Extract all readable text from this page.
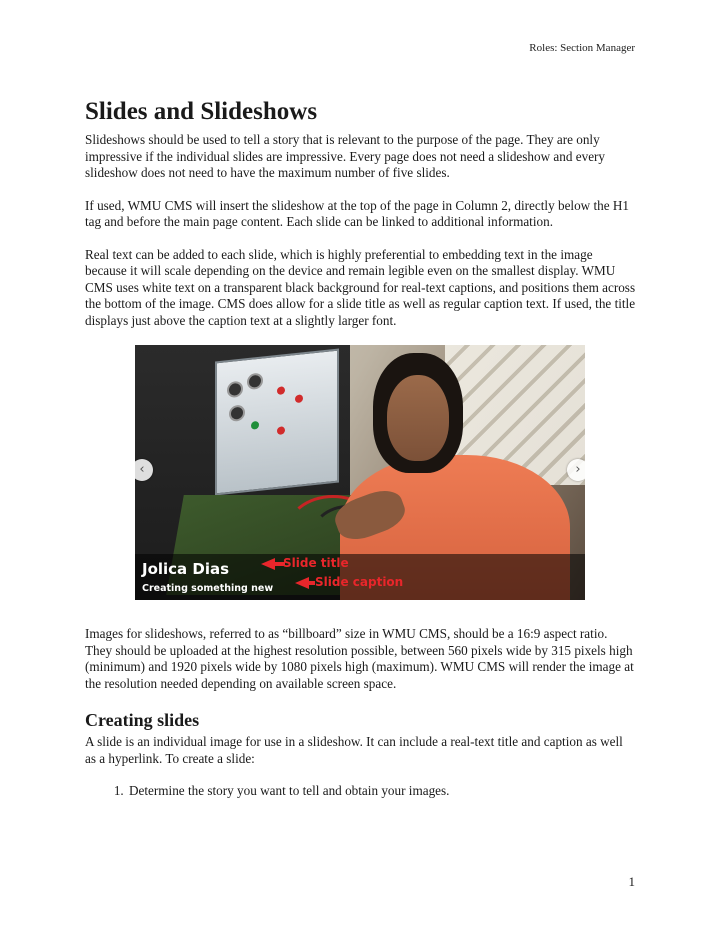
Roles: Section Manager
Slides and Slideshows

Slideshows should be used to tell a story that is relevant to the purpose of the page. They are only impressive if the individual slides are impressive. Every page does not need a slideshow and every slideshow does not need to have the maximum number of five slides.

If used, WMU CMS will insert the slideshow at the top of the page in Column 2, directly below the H1 tag and before the main page content. Each slide can be linked to additional information.

Real text can be added to each slide, which is highly preferential to embedding text in the image because it will scale depending on the device and remain legible even on the smallest display. WMU CMS uses white text on a transparent black background for real-text captions, and positions them across the bottom of the image. CMS does allow for a slide title as well as regular caption text. If used, the title displays just above the caption text at a slightly larger font.

Jolica Dias
Creating something new
Slide title
Slide caption
‹	›

Images for slideshows, referred to as “billboard” size in WMU CMS, should be a 16:9 aspect ratio. They should be uploaded at the highest resolution possible, between 560 pixels wide by 315 pixels high (minimum) and 1920 pixels wide by 1080 pixels high (maximum). WMU CMS will render the image at the resolution needed depending on available screen space.

Creating slides

A slide is an individual image for use in a slideshow. It can include a real-text title and caption as well as a hyperlink. To create a slide:

1. Determine the story you want to tell and obtain your images.
1
